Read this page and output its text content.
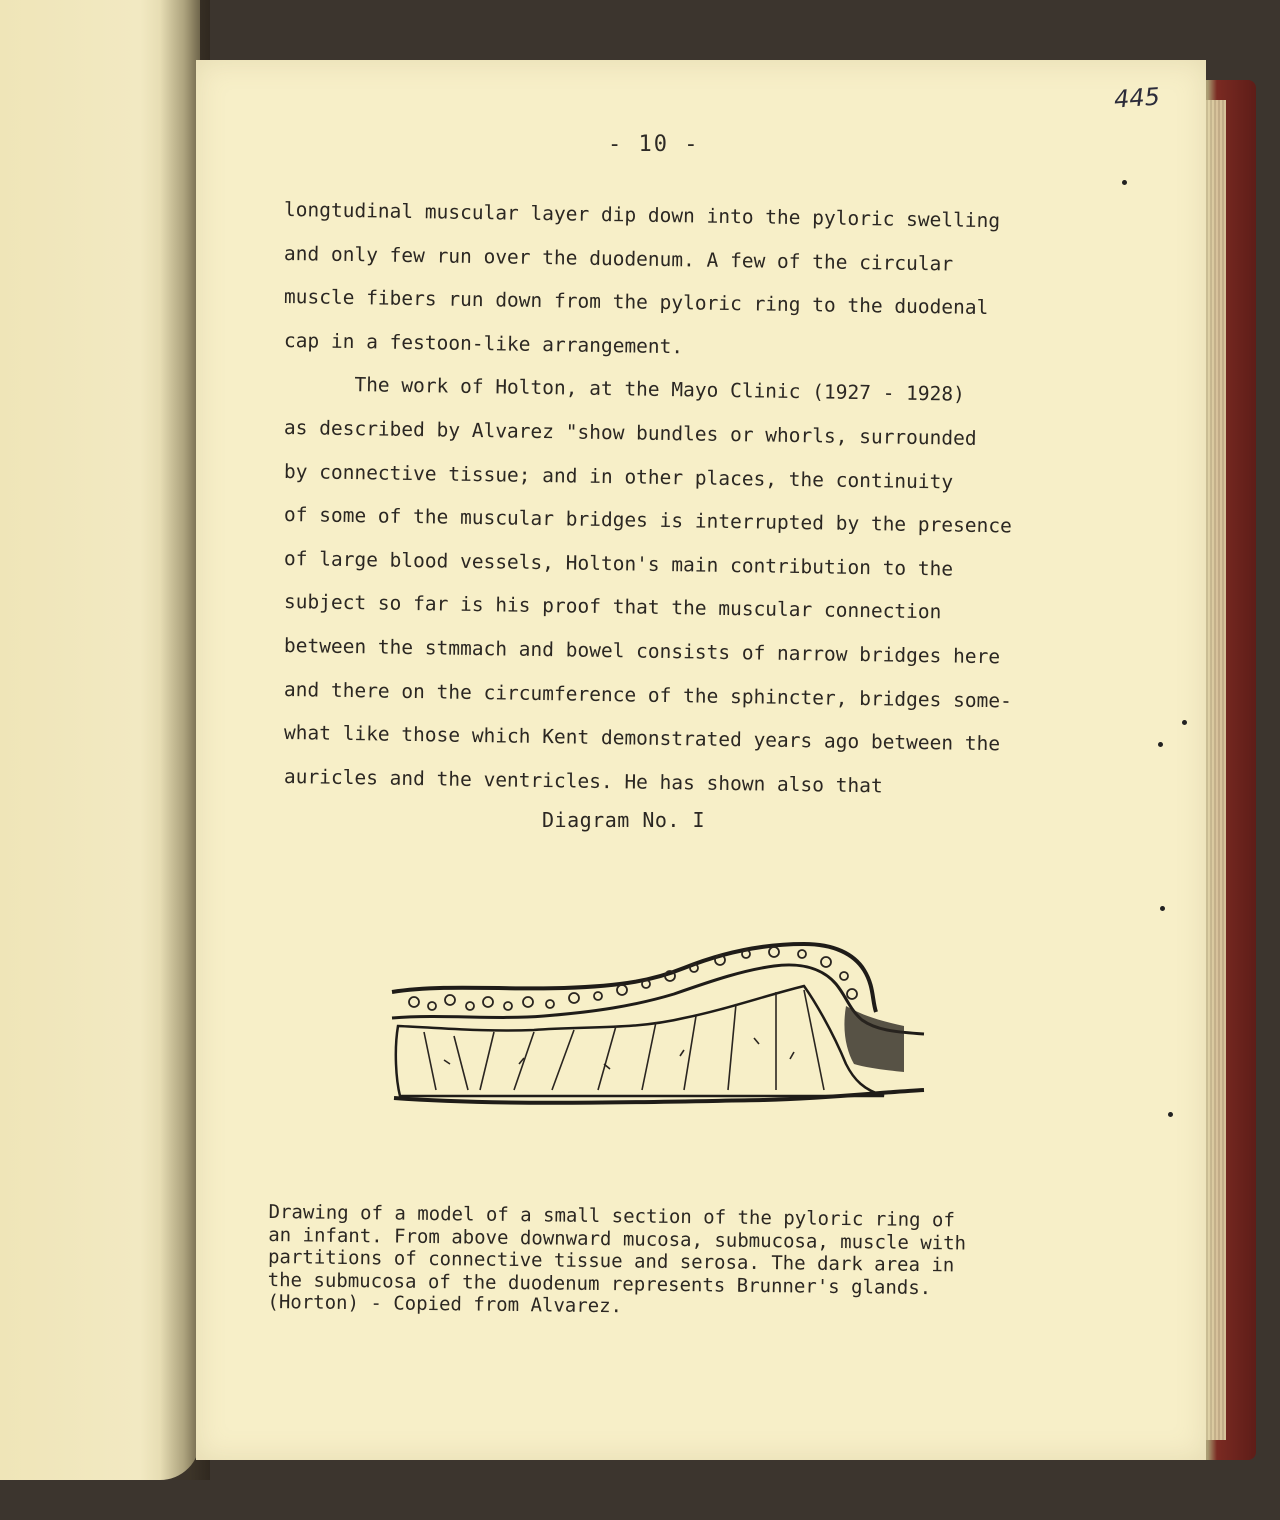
445
- 10 -
longtudinal muscular layer dip down into the pyloric swelling
and only few run over the duodenum. A few of the circular
muscle fibers run down from the pyloric ring to the duodenal
cap in a festoon-like arrangement.
The work of Holton, at the Mayo Clinic (1927 - 1928)
as described by Alvarez "show bundles or whorls, surrounded
by connective tissue; and in other places, the continuity
of some of the muscular bridges is interrupted by the presence
of large blood vessels, Holton's main contribution to the
subject so far is his proof that the muscular connection
between the stmmach and bowel consists of narrow bridges here
and there on the circumference of the sphincter, bridges some-
what like those which Kent demonstrated years ago between the
auricles and the ventricles. He has shown also that
Diagram No. I
Drawing of a model of a small section of the pyloric ring of
an infant. From above downward mucosa, submucosa, muscle with
partitions of connective tissue and serosa. The dark area in
the submucosa of the duodenum represents Brunner's glands.
(Horton) - Copied from Alvarez.
